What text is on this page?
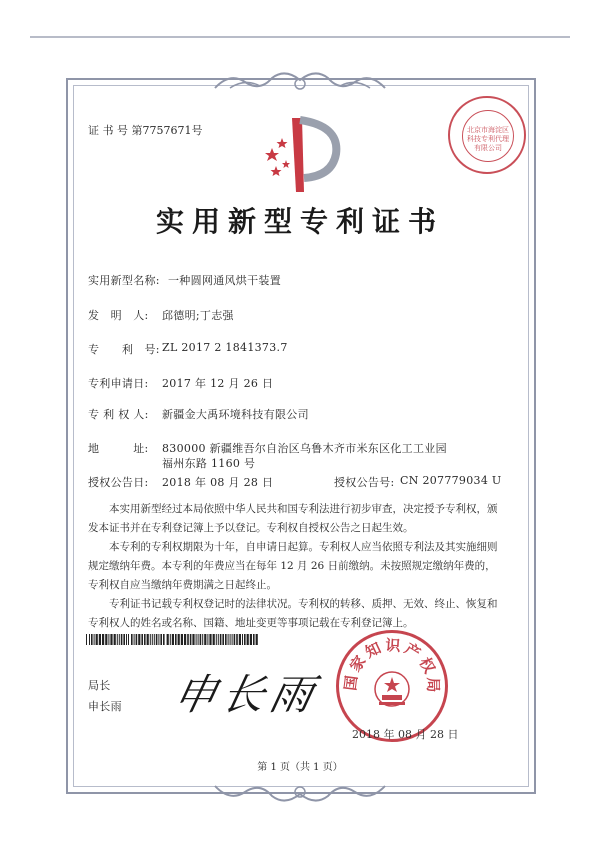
证 书 号 第7757671号	北京市海淀区科技专利代理有限公司
实用新型专利证书
实用新型名称: 一种圆网通风烘干装置
发　明　人: 邱德明;丁志强
专　　利　号: ZL 2017 2 1841373.7
专利申请日: 2017 年 12 月 26 日
专 利 权 人: 新疆金大禹环境科技有限公司
地　　　址: 830000 新疆维吾尔自治区乌鲁木齐市米东区化工工业园
福州东路 1160 号
授权公告日: 2018 年 08 月 28 日	授权公告号: CN 207779034 U

本实用新型经过本局依照中华人民共和国专利法进行初步审查，决定授予专利权，颁发本证书并在专利登记簿上予以登记。专利权自授权公告之日起生效。

本专利的专利权期限为十年，自申请日起算。专利权人应当依照专利法及其实施细则规定缴纳年费。本专利的年费应当在每年 12 月 26 日前缴纳。未按照规定缴纳年费的，专利权自应当缴纳年费期满之日起终止。

专利证书记载专利权登记时的法律状况。专利权的转移、质押、无效、终止、恢复和专利权人的姓名或名称、国籍、地址变更等事项记载在专利登记簿上。

局长
申长雨 申长雨 国家知识产权局
2018 年 08 月 28 日
第 1 页（共 1 页）
